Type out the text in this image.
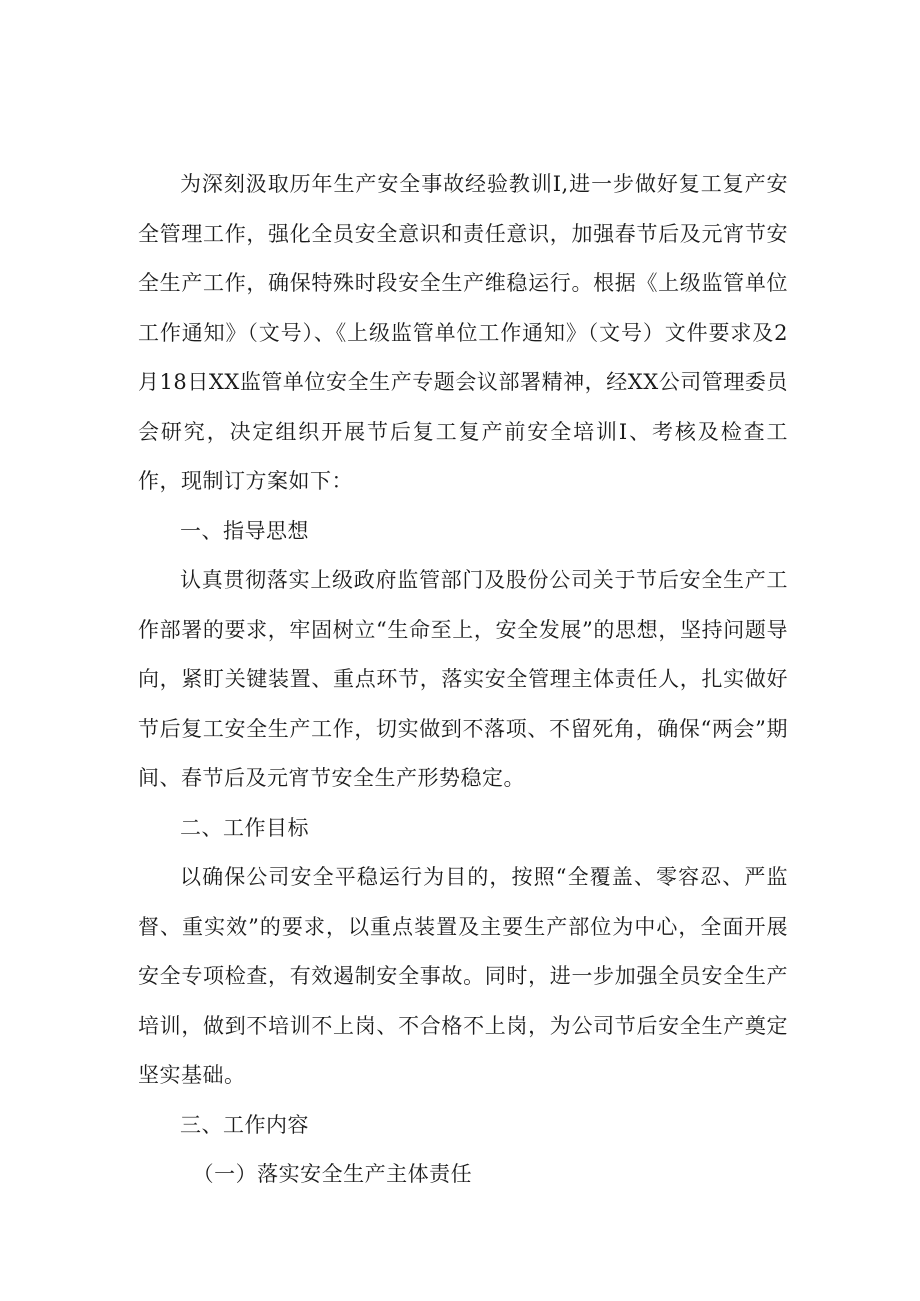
为深刻汲取历年生产安全事故经验教训I,进一步做好复工复产安全管理工作，强化全员安全意识和责任意识，加强春节后及元宵节安全生产工作，确保特殊时段安全生产维稳运行。根据《上级监管单位工作通知》（文号）、《上级监管单位工作通知》（文号）文件要求及2月18日XX监管单位安全生产专题会议部署精神，经XX公司管理委员会研究，决定组织开展节后复工复产前安全培训I、考核及检查工作，现制订方案如下：

一、指导思想

认真贯彻落实上级政府监管部门及股份公司关于节后安全生产工作部署的要求，牢固树立“生命至上，安全发展”的思想，坚持问题导向，紧盯关键装置、重点环节，落实安全管理主体责任人，扎实做好节后复工安全生产工作，切实做到不落项、不留死角，确保“两会”期间、春节后及元宵节安全生产形势稳定。

二、工作目标

以确保公司安全平稳运行为目的，按照“全覆盖、零容忍、严监督、重实效”的要求，以重点装置及主要生产部位为中心，全面开展安全专项检查，有效遏制安全事故。同时，进一步加强全员安全生产培训，做到不培训不上岗、不合格不上岗，为公司节后安全生产奠定坚实基础。

三、工作内容

（一）落实安全生产主体责任
